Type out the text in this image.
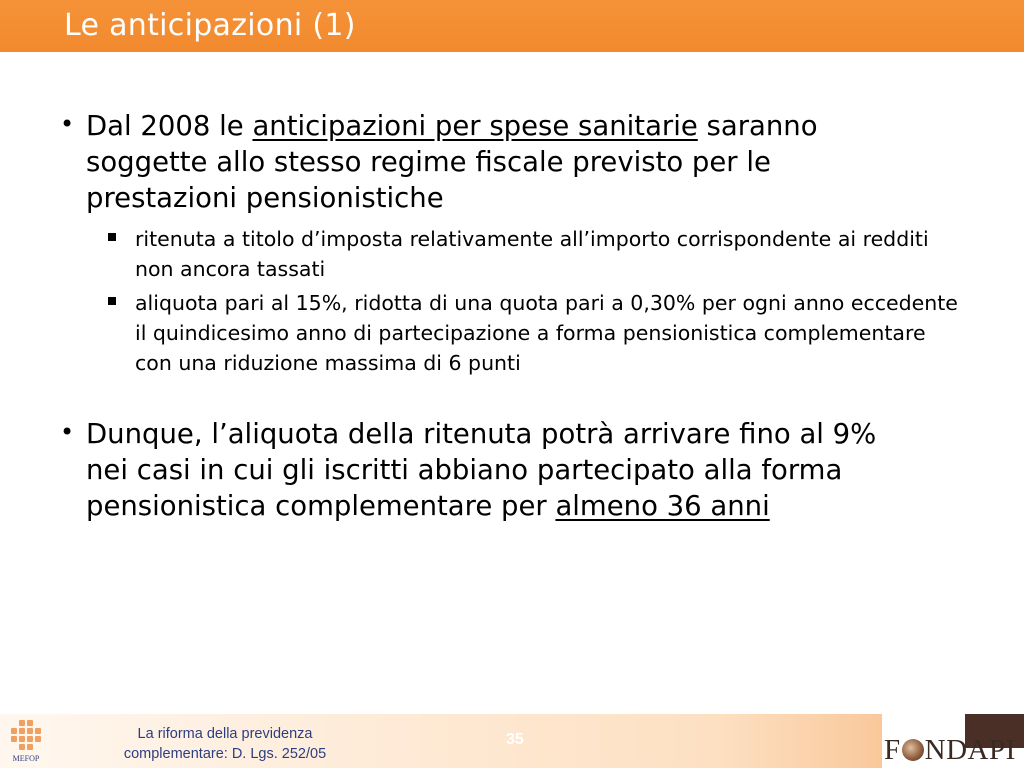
Le anticipazioni (1)
• Dal 2008 le anticipazioni per spese sanitarie saranno soggette allo stesso regime fiscale previsto per le prestazioni pensionistiche
ritenuta a titolo d’imposta relativamente all’importo corrispondente ai redditi non ancora tassati
aliquota pari al 15%, ridotta di una quota pari a 0,30% per ogni anno eccedente il quindicesimo anno di partecipazione a forma pensionistica complementare con una riduzione massima di 6 punti
• Dunque, l’aliquota della ritenuta potrà arrivare fino al 9% nei casi in cui gli iscritti abbiano partecipato alla forma pensionistica complementare per almeno 36 anni
MEFOP
La riforma della previdenza
complementare: D. Lgs. 252/05
35	F NDAPI
